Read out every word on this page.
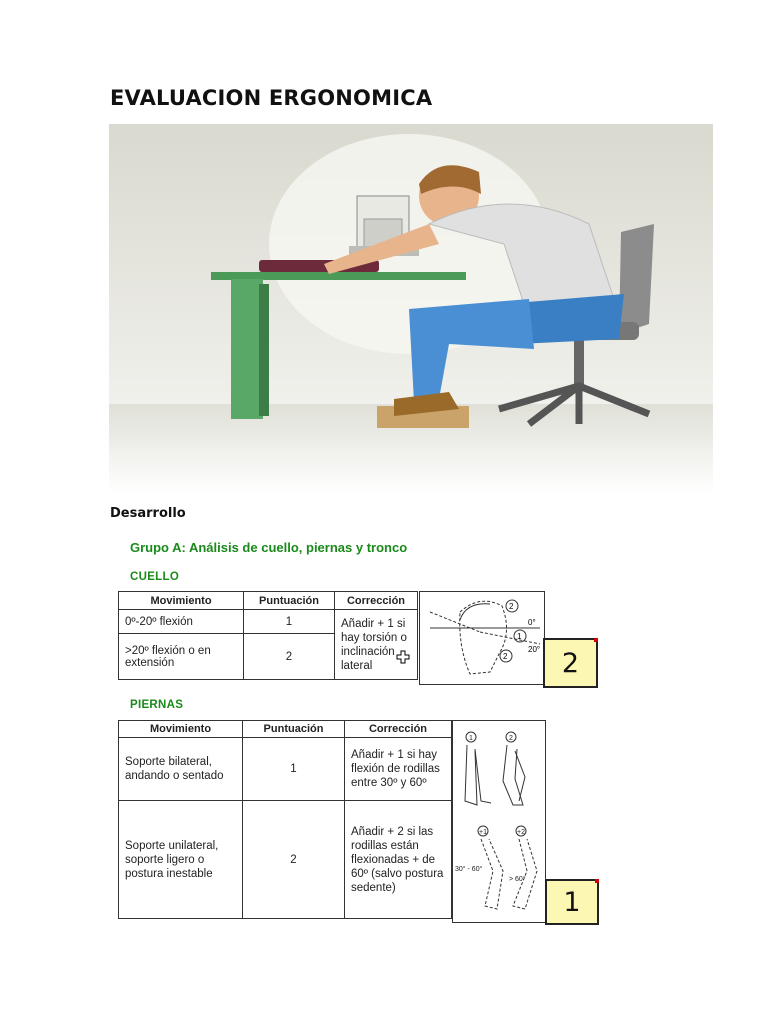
EVALUACION ERGONOMICA
Desarrollo
Grupo A: Análisis de cuello, piernas y tronco
CUELLO
Movimiento	Puntuación	Corrección
0º-20º flexión	1	Añadir + 1 si hay torsión o inclinación lateral
>20º flexión o en extensión	2	
0°
20°
1
2
2	2
PIERNAS
Movimiento	Puntuación	Corrección
Soporte bilateral, andando o sentado	1	Añadir + 1 si hay flexión de rodillas entre 30º y 60º
Soporte unilateral, soporte ligero o postura inestable	2	Añadir + 2 si las rodillas están flexionadas + de 60º (salvo postura sedente)
1	2
+1	+2
30° - 60°
> 60°
1
